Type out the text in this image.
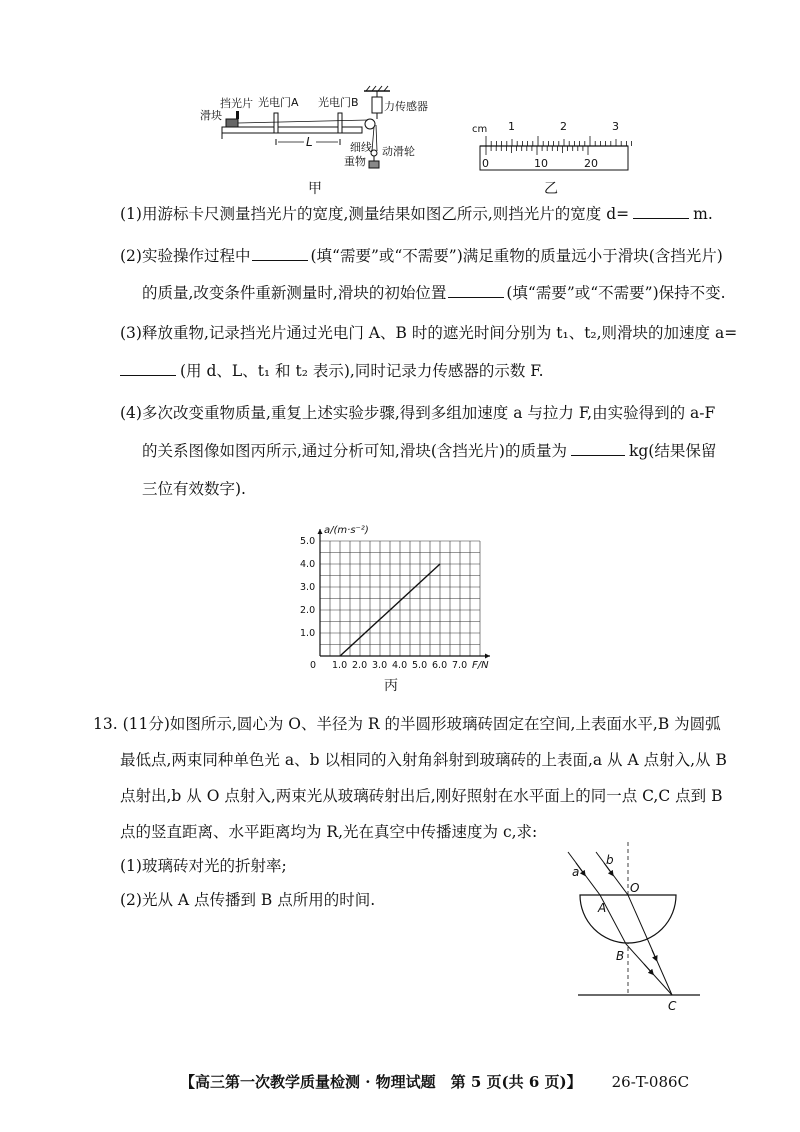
滑块
挡光片 光电门A 光电门B 力传感器
L	细线
重物
动滑轮
甲
cm 1	2	3
0	10	20
乙
(1)用游标卡尺测量挡光片的宽度,测量结果如图乙所示,则挡光片的宽度 d=	m.
(2)实验操作过程中	(填“需要”或“不需要”)满足重物的质量远小于滑块(含挡光片)
的质量,改变条件重新测量时,滑块的初始位置	(填“需要”或“不需要”)保持不变.
(3)释放重物,记录挡光片通过光电门 A、B 时的遮光时间分别为 t₁、t₂,则滑块的加速度 a=
(用 d、L、t₁ 和 t₂ 表示),同时记录力传感器的示数 F.
(4)多次改变重物质量,重复上述实验步骤,得到多组加速度 a 与拉力 F,由实验得到的 a-F
的关系图像如图丙所示,通过分析可知,滑块(含挡光片)的质量为	kg(结果保留
三位有效数字).
a/(m·s⁻²)
F/N
1.0 2.0 3.0 4.0 5.0 6.0 7.0
1.0
2.0
3.0
4.0
5.0
0
丙
13. (11分)如图所示,圆心为 O、半径为 R 的半圆形玻璃砖固定在空间,上表面水平,B 为圆弧
最低点,两束同种单色光 a、b 以相同的入射角斜射到玻璃砖的上表面,a 从 A 点射入,从 B
点射出,b 从 O 点射入,两束光从玻璃砖射出后,刚好照射在水平面上的同一点 C,C 点到 B
点的竖直距离、水平距离均为 R,光在真空中传播速度为 c,求:
(1)玻璃砖对光的折射率;
(2)光从 A 点传播到 B 点所用的时间.
a
b
O
A
B
C
【高三第一次教学质量检测 · 物理试题　第 5 页(共 6 页)】 26-T-086C
